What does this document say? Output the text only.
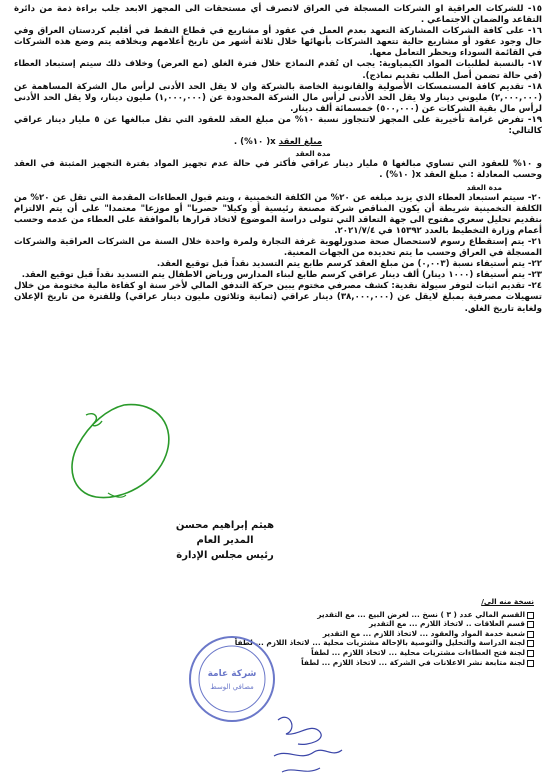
١٥- للشركات العراقية او الشركات المسجلة في العراق لاتصرف أي مستحقات الى المجهز الابعد جلب براءة ذمة من دائرة التقاعد والضمان الاجتماعي .

١٦- على كافة الشركات المشاركة التعهد بعدم العمل في عقود أو مشاريع في قطاع النفط في أقليم كردستان العراق وفي حال وجود عقود أو مشاريع حالية تتعهد الشركات بأنهائها خلال ثلاثة أشهر من تاريخ أعلامهم وبخلافه يتم وضع هذه الشركات في القائمة السوداء ويحظر التعامل معها.

١٧- بالنسبة لطلبيات المواد الكيمياوية: يجب ان تُقدم النماذج خلال فترة الغلق (مع العرض) وخلاف ذلك سيتم إستبعاد العطاء (في حالة تضمن أصل الطلب تقديم نماذج).

١٨- تقديم كافة المستمسكات الأصولية والقانونية الخاصة بالشركة وان لا يقل الحد الأدنى لرأس مال الشركة المساهمة عن (٢,٠٠٠,٠٠٠) مليوني دينار ولا يقل الحد الأدنى لرأس مال الشركة المحدودة عن (١,٠٠٠,٠٠٠) مليون دينار، ولا يقل الحد الأدنى لرأس مال بقية الشركات عن (٥٠٠,٠٠٠) خمسمائة ألف دينار.

١٩- تفرض غرامة تأخيرية على المجهز لاتتجاوز نسبة ١٠% من مبلغ العقد للعقود التي تقل مبالغها عن ٥ مليار دينار عراقي كالتالي:

مبلغ العقد x( ١٠%) .

مدة العقد

و ١٠% للعقود التي تساوي مبالغها ٥ مليار دينار عراقي فأكثر في حالة عدم تجهيز المواد بفترة التجهيز المثبتة في العقد وحسب المعادلة : مبلغ العقد x( ١٠%) .

مدة العقد

٢٠- سيتم استبعاد العطاء الذي يزيد مبلغه عن ٢٠% من الكلفة التخمينية ، ويتم قبول العطاءات المقدمة التي تقل عن ٢٠% من الكلفة التخمينية شريطة أن يكون المناقص شركة مصنعة رئيسية أو وكيلا" حصريا" أو موزعا" معتمدا" على أن يتم الالتزام بتقديم تحليل سعري مفتوح الى جهة التعاقد التي تتولى دراسة الموضوع لاتخاذ قرارها بالموافقة على العطاء من عدمه وحسب أعمام وزارة التخطيط بالعدد ١٥٣٩٢ في ٢٠٢١/٧/٤.

٢١- يتم إستقطاع رسوم لاستحصال صحة صدورلهوية غرفة التجارة ولمرة واحدة خلال السنة من الشركات العراقية والشركات المسجلة في العراق وحسب ما يتم تحديده من الجهات المعنية.

٢٢- يتم أستيفاء نسبة (٠,٠٠٣) من مبلغ العقد كرسم طابع يتم التسديد نقداً قبل توقيع العقد.

٢٣- يتم أستيفاء (١٠٠٠ دينار) ألف دينار عراقي كرسم طابع لبناء المدارس ورياض الاطفال يتم التسديد نقداً قبل توقيع العقد.

٢٤- تقديم اثبات لتوفر سيولة نقدية: كشف مصرفي مختوم يبين حركة التدفق المالي لأخر سنة او كفاءة مالية مختومة من خلال تسهيلات مصرفية بمبلغ لايقل عن (٣٨,٠٠٠,٠٠٠) دينار عراقي (ثمانية وثلاثون مليون دينار عراقي) وللفترة من تاريخ الإعلان ولغاية تاريخ الغلق.

هيثم إبراهيم محسن
المدير العام
رئيس مجلس الإدارة
نسخة منه الى/
القسم المالي عدد ( ٣ ) نسخ ... لغرض البيع ... مع التقدير
قسم العلاقات .. لاتخاذ اللازم ... مع التقدير
شعبة خدمة المواد والعقود ... لاتخاذ اللازم ... مع التقدير
لجنة الدراسة والتحليل والتوصية بالإحالة مشتريات محلية ... لاتخاذ اللازم ... لطفاً
لجنة فتح العطاءات مشتريات محلية ... لاتخاذ اللازم ... لطفاً
لجنة متابعة نشر الاعلانات في الشركة ... لاتخاذ اللازم ... لطفاً
شركة عامة
مصافي الوسط
